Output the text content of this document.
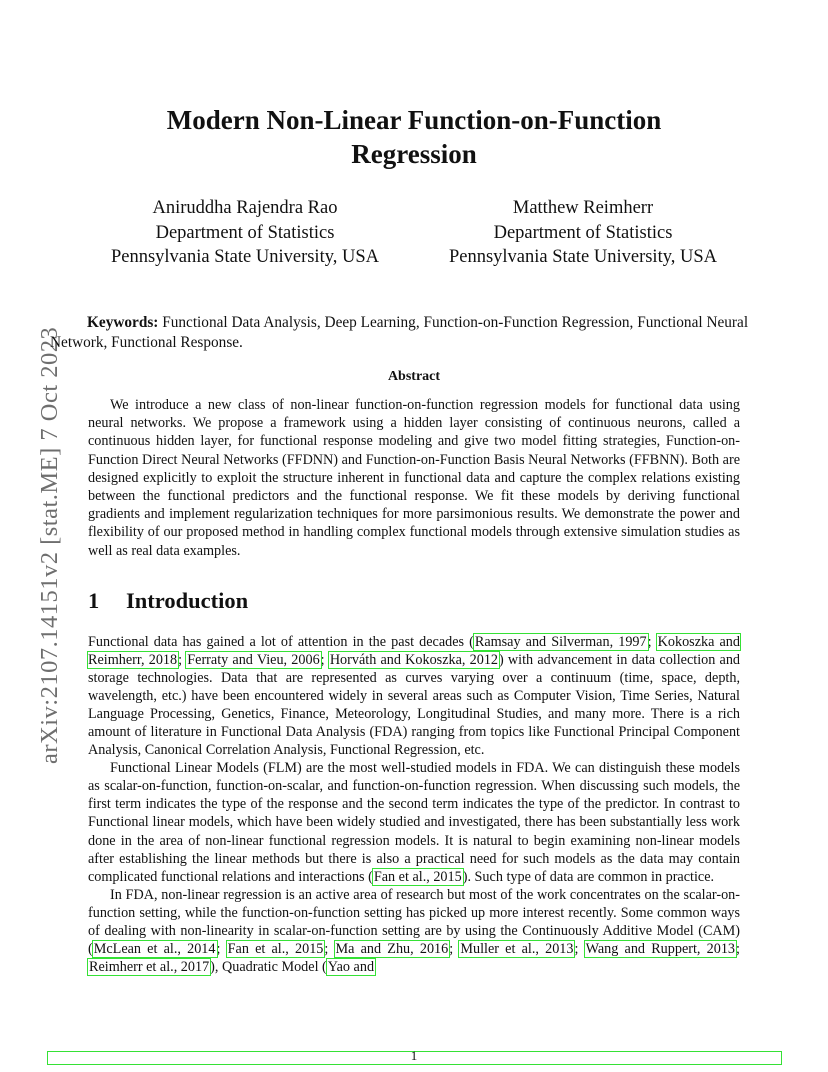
Modern Non-Linear Function-on-Function
Regression
Aniruddha Rajendra Rao
Department of Statistics
Pennsylvania State University, USA
Matthew Reimherr
Department of Statistics
Pennsylvania State University, USA
arXiv:2107.14151v2 [stat.ME] 7 Oct 2023

Keywords: Functional Data Analysis, Deep Learning, Function-on-Function Regression, Functional Neural Network, Functional Response.

Abstract

We introduce a new class of non-linear function-on-function regression models for functional data using neural networks. We propose a framework using a hidden layer consisting of continuous neurons, called a continuous hidden layer, for functional response modeling and give two model fitting strategies, Function-on-Function Direct Neural Networks (FFDNN) and Function-on-Function Basis Neural Networks (FFBNN). Both are designed explicitly to exploit the structure inherent in functional data and capture the complex relations existing between the functional predictors and the functional response. We fit these models by deriving functional gradients and implement regularization techniques for more parsimonious results. We demonstrate the power and flexibility of our proposed method in handling complex functional models through extensive simulation studies as well as real data examples.

1 Introduction

Functional data has gained a lot of attention in the past decades (Ramsay and Silverman, 1997; Kokoszka and Reimherr, 2018; Ferraty and Vieu, 2006; Horváth and Kokoszka, 2012) with advancement in data collection and storage technologies. Data that are represented as curves varying over a continuum (time, space, depth, wavelength, etc.) have been encountered widely in several areas such as Computer Vision, Time Series, Natural Language Processing, Genetics, Finance, Meteorology, Longitudinal Studies, and many more. There is a rich amount of literature in Functional Data Analysis (FDA) ranging from topics like Functional Principal Component Analysis, Canonical Correlation Analysis, Functional Regression, etc.

Functional Linear Models (FLM) are the most well-studied models in FDA. We can distinguish these models as scalar-on-function, function-on-scalar, and function-on-function regression. When discussing such models, the first term indicates the type of the response and the second term indicates the type of the predictor. In contrast to Functional linear models, which have been widely studied and investigated, there has been substantially less work done in the area of non-linear functional regression models. It is natural to begin examining non-linear models after establishing the linear methods but there is also a practical need for such models as the data may contain complicated functional relations and interactions (Fan et al., 2015). Such type of data are common in practice.

In FDA, non-linear regression is an active area of research but most of the work concentrates on the scalar-on-function setting, while the function-on-function setting has picked up more interest recently. Some common ways of dealing with non-linearity in scalar-on-function setting are by using the Continuously Additive Model (CAM) (McLean et al., 2014; Fan et al., 2015; Ma and Zhu, 2016; Muller et al., 2013; Wang and Ruppert, 2013; Reimherr et al., 2017), Quadratic Model (Yao and

1
